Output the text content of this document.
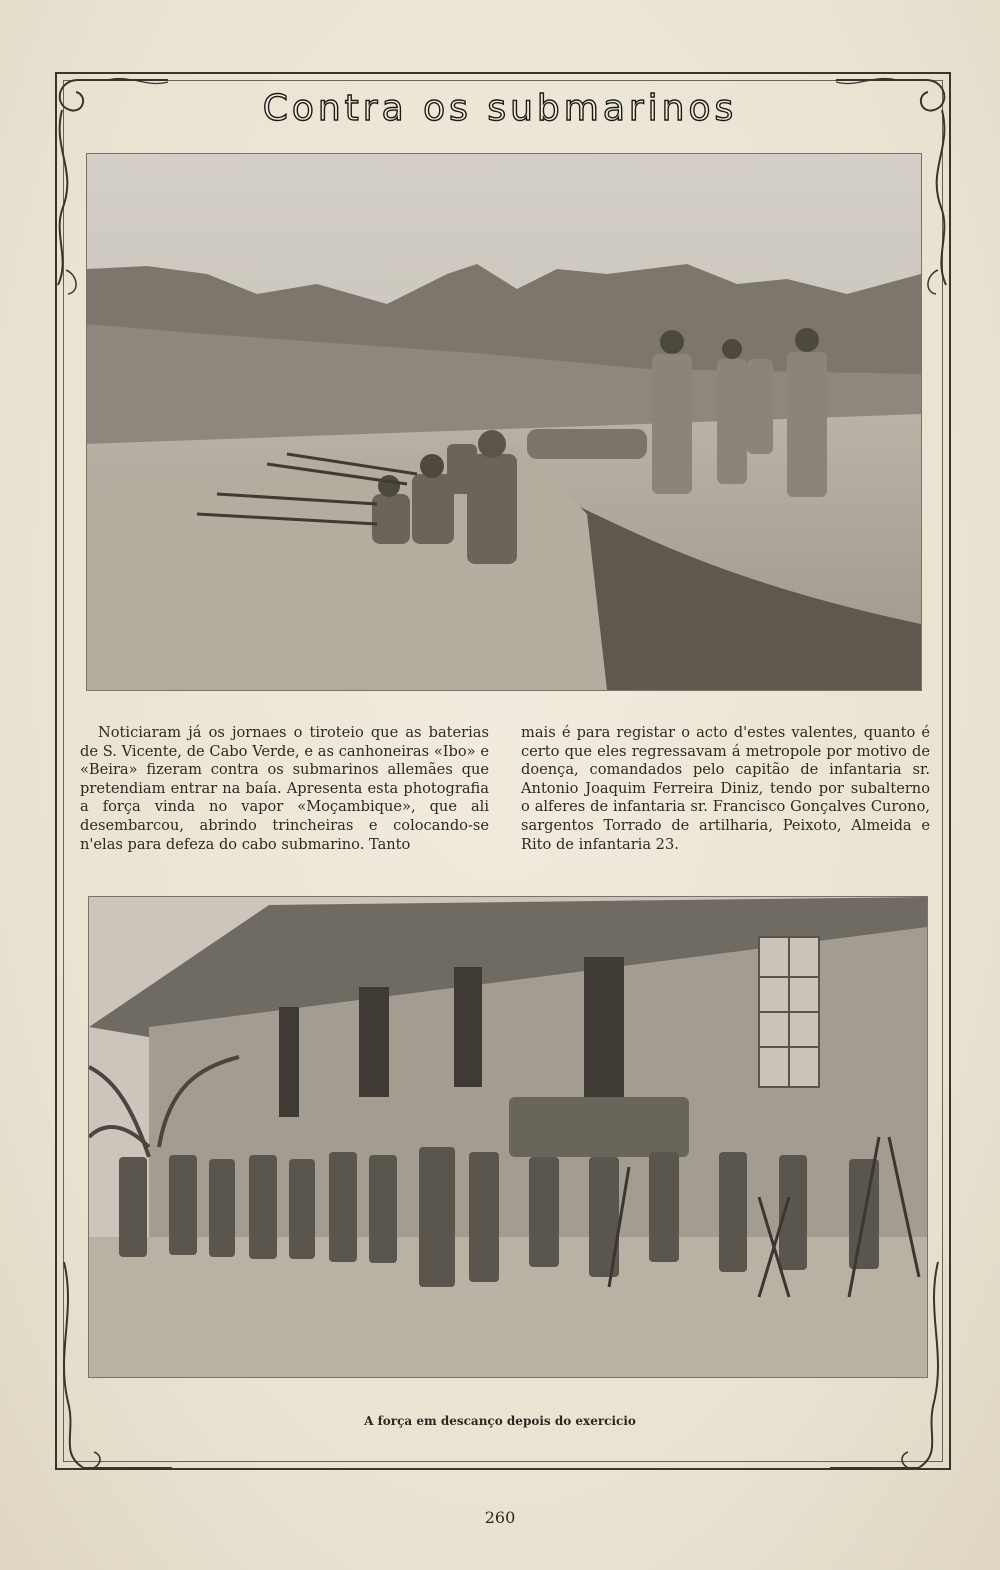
Contra os submarinos

Noticiaram já os jornaes o tiroteio que as baterias de S. Vicente, de Cabo Verde, e as canhoneiras «Ibo» e «Beira» fizeram contra os submarinos allemães que pretendiam entrar na baía. Apresenta esta photografia a força vinda no vapor «Moçambique», que ali desembarcou, abrindo trincheiras e colocando-se n'elas para defeza do cabo submarino. Tanto

mais é para registar o acto d'estes valentes, quanto é certo que eles regressavam á metropole por motivo de doença, comandados pelo capitão de infantaria sr. Antonio Joaquim Ferreira Diniz, tendo por subalterno o alferes de infantaria sr. Francisco Gonçalves Curono, sargentos Torrado de artilharia, Peixoto, Almeida e Rito de infantaria 23.

A força em descanço depois do exercicio
260
